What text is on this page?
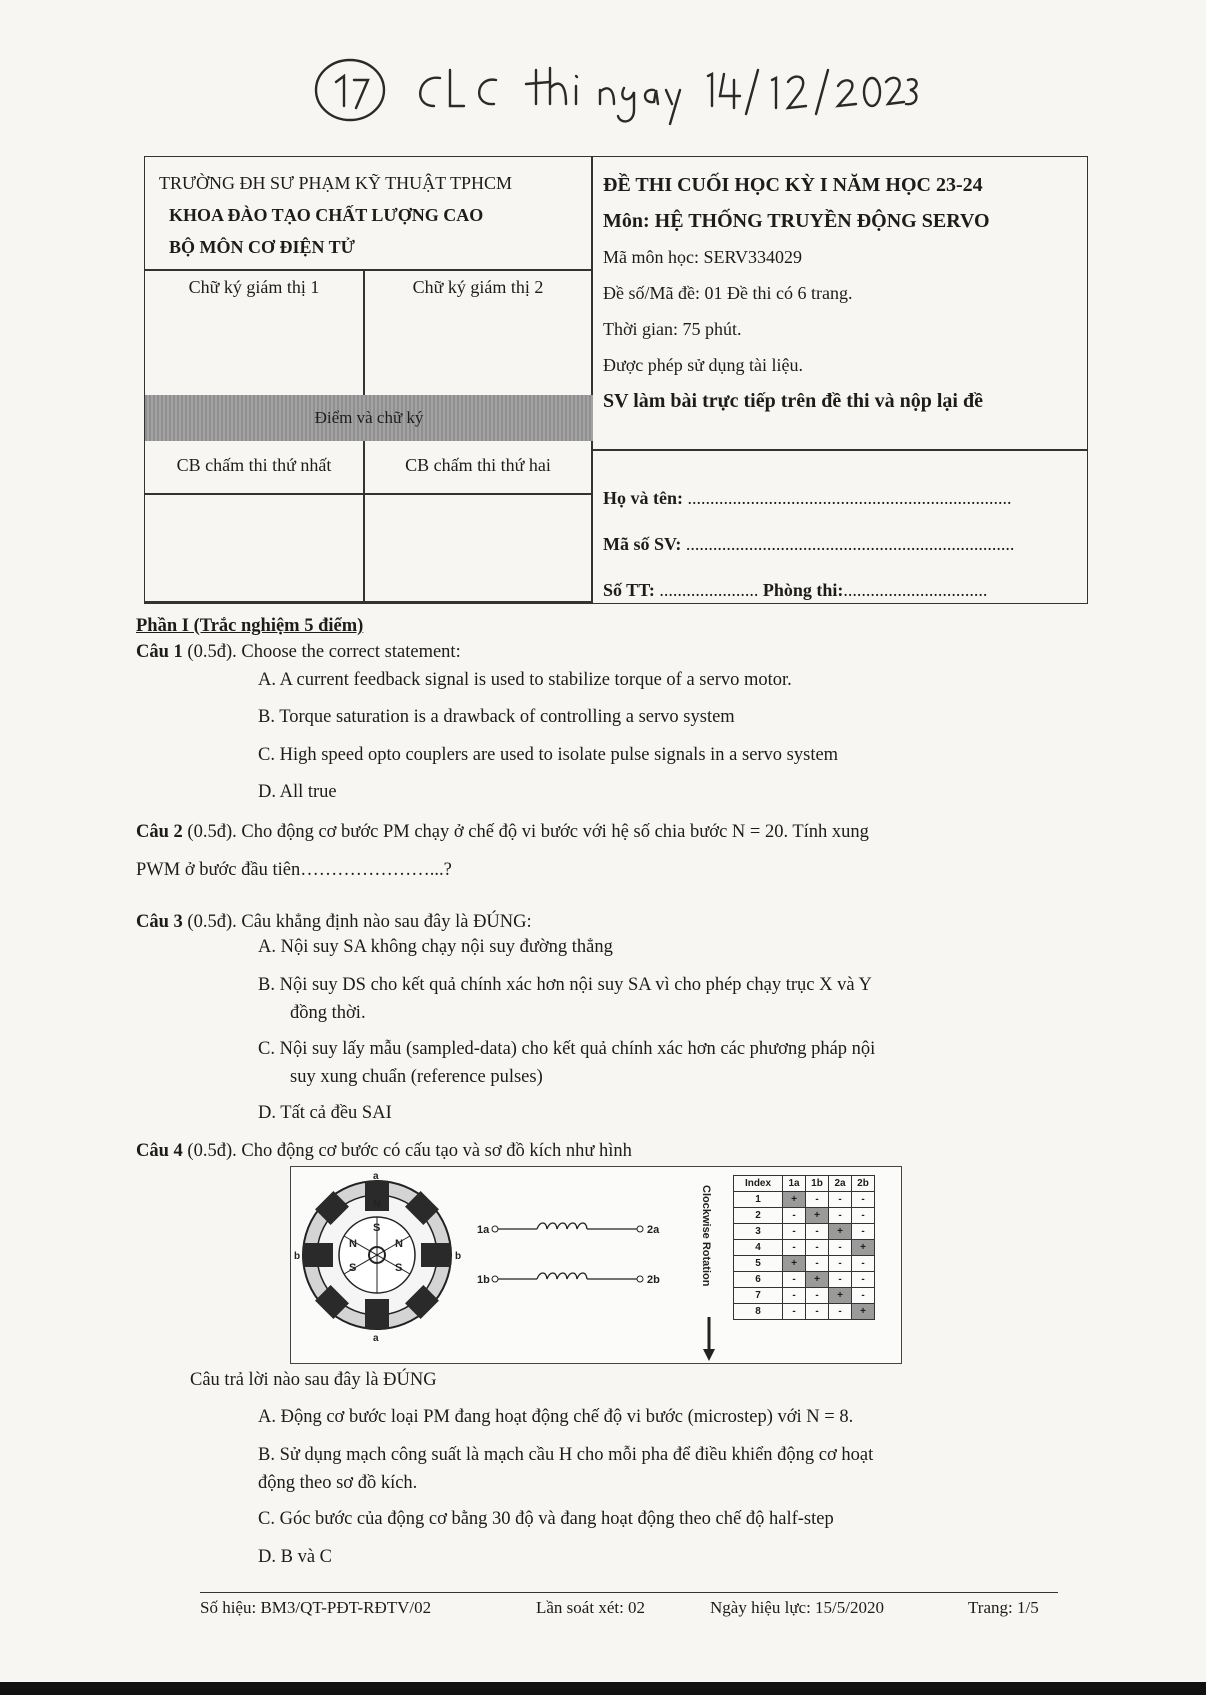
TRƯỜNG ĐH SƯ PHẠM KỸ THUẬT TPHCM
KHOA ĐÀO TẠO CHẤT LƯỢNG CAO
BỘ MÔN CƠ ĐIỆN TỬ
ĐỀ THI CUỐI HỌC KỲ I NĂM HỌC 23-24
Môn: HỆ THỐNG TRUYỀN ĐỘNG SERVO
Mã môn học: SERV334029
Đề số/Mã đề: 01 Đề thi có 6 trang.
Thời gian: 75 phút.
Được phép sử dụng tài liệu.
SV làm bài trực tiếp trên đề thi và nộp lại đề
Chữ ký giám thị 1	Chữ ký giám thị 2
Điểm và chữ ký
CB chấm thi thứ nhất	CB chấm thi thứ hai
Họ và tên: ........................................................................
Mã số SV: .........................................................................
Số TT: ...................... Phòng thi:................................
Phần I (Trắc nghiệm 5 điểm)
Câu 1 (0.5đ). Choose the correct statement:
A. A current feedback signal is used to stabilize torque of a servo motor.
B. Torque saturation is a drawback of controlling a servo system
C. High speed opto couplers are used to isolate pulse signals in a servo system
D. All true
Câu 2 (0.5đ). Cho động cơ bước PM chạy ở chế độ vi bước với hệ số chia bước N = 20. Tính xung
PWM ở bước đầu tiên…………………...?
Câu 3 (0.5đ). Câu khẳng định nào sau đây là ĐÚNG:
A. Nội suy SA không chạy nội suy đường thẳng
B. Nội suy DS cho kết quả chính xác hơn nội suy SA vì cho phép chạy trục X và Y
đồng thời.
C. Nội suy lấy mẫu (sampled-data) cho kết quả chính xác hơn các phương pháp nội
suy xung chuẩn (reference pulses)
D. Tất cả đều SAI
Câu 4 (0.5đ). Cho động cơ bước có cấu tạo và sơ đồ kích như hình
N
S
N
S
N
S
a
b	b
a
1a	2a
1b	2b	Clockwise Rotation
Index	1a	1b	2a	2b
1	+	-	-	-
2	-	+	-	-
3	-	-	+	-
4	-	-	-	+
5	+	-	-	-
6	-	+	-	-
7	-	-	+	-
8	-	-	-	+
Câu trả lời nào sau đây là ĐÚNG
A. Động cơ bước loại PM đang hoạt động chế độ vi bước (microstep) với N = 8.
B. Sử dụng mạch công suất là mạch cầu H cho mỗi pha để điều khiển động cơ hoạt
động theo sơ đồ kích.
C. Góc bước của động cơ bằng 30 độ và đang hoạt động theo chế độ half-step
D. B và C
Số hiệu: BM3/QT-PĐT-RĐTV/02	Lần soát xét: 02	Ngày hiệu lực: 15/5/2020	Trang: 1/5
